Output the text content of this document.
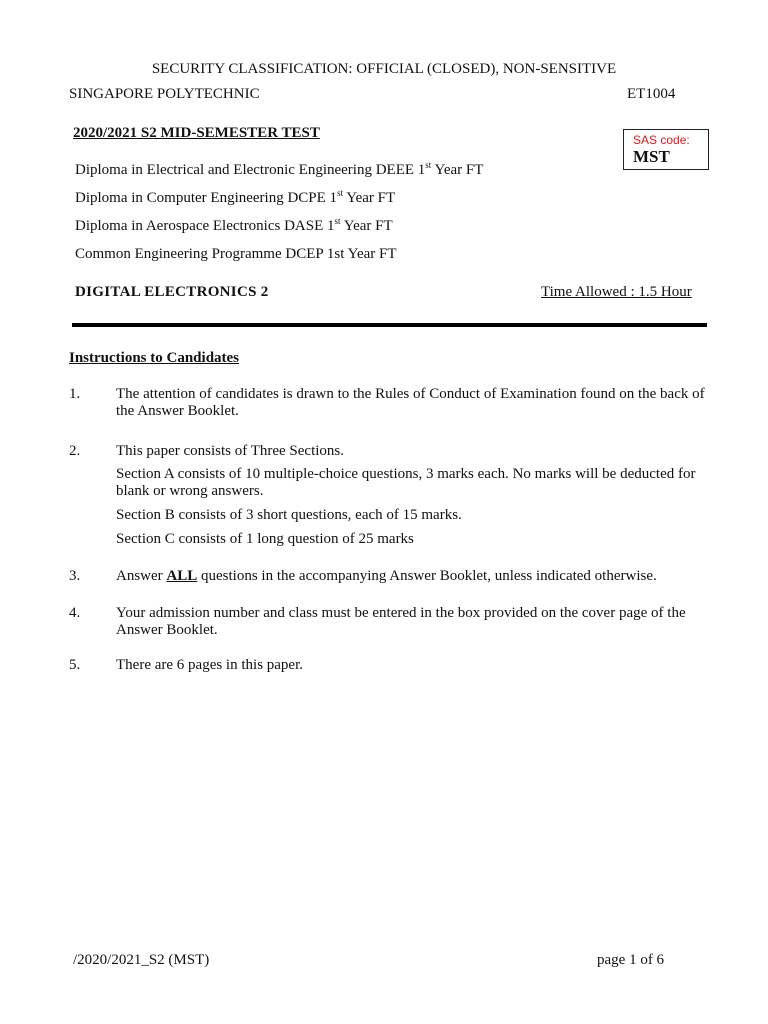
SECURITY CLASSIFICATION: OFFICIAL (CLOSED), NON-SENSITIVE
SINGAPORE POLYTECHNIC	ET1004
2020/2021 S2 MID-SEMESTER TEST	SAS code:
MST
Diploma in Electrical and Electronic Engineering DEEE 1st Year FT
Diploma in Computer Engineering DCPE 1st Year FT
Diploma in Aerospace Electronics DASE 1st Year FT
Common Engineering Programme DCEP 1st Year FT
DIGITAL ELECTRONICS 2	Time Allowed : 1.5 Hour
Instructions to Candidates
1. The attention of candidates is drawn to the Rules of Conduct of Examination found on the back of the Answer Booklet.
2. This paper consists of Three Sections.
Section A consists of 10 multiple-choice questions, 3 marks each. No marks will be deducted for blank or wrong answers.
Section B consists of 3 short questions, each of 15 marks.
Section C consists of 1 long question of 25 marks
3. Answer ALL questions in the accompanying Answer Booklet, unless indicated otherwise.
4. Your admission number and class must be entered in the box provided on the cover page of the Answer Booklet.
5. There are 6 pages in this paper.
/2020/2021_S2 (MST)	page 1 of 6
